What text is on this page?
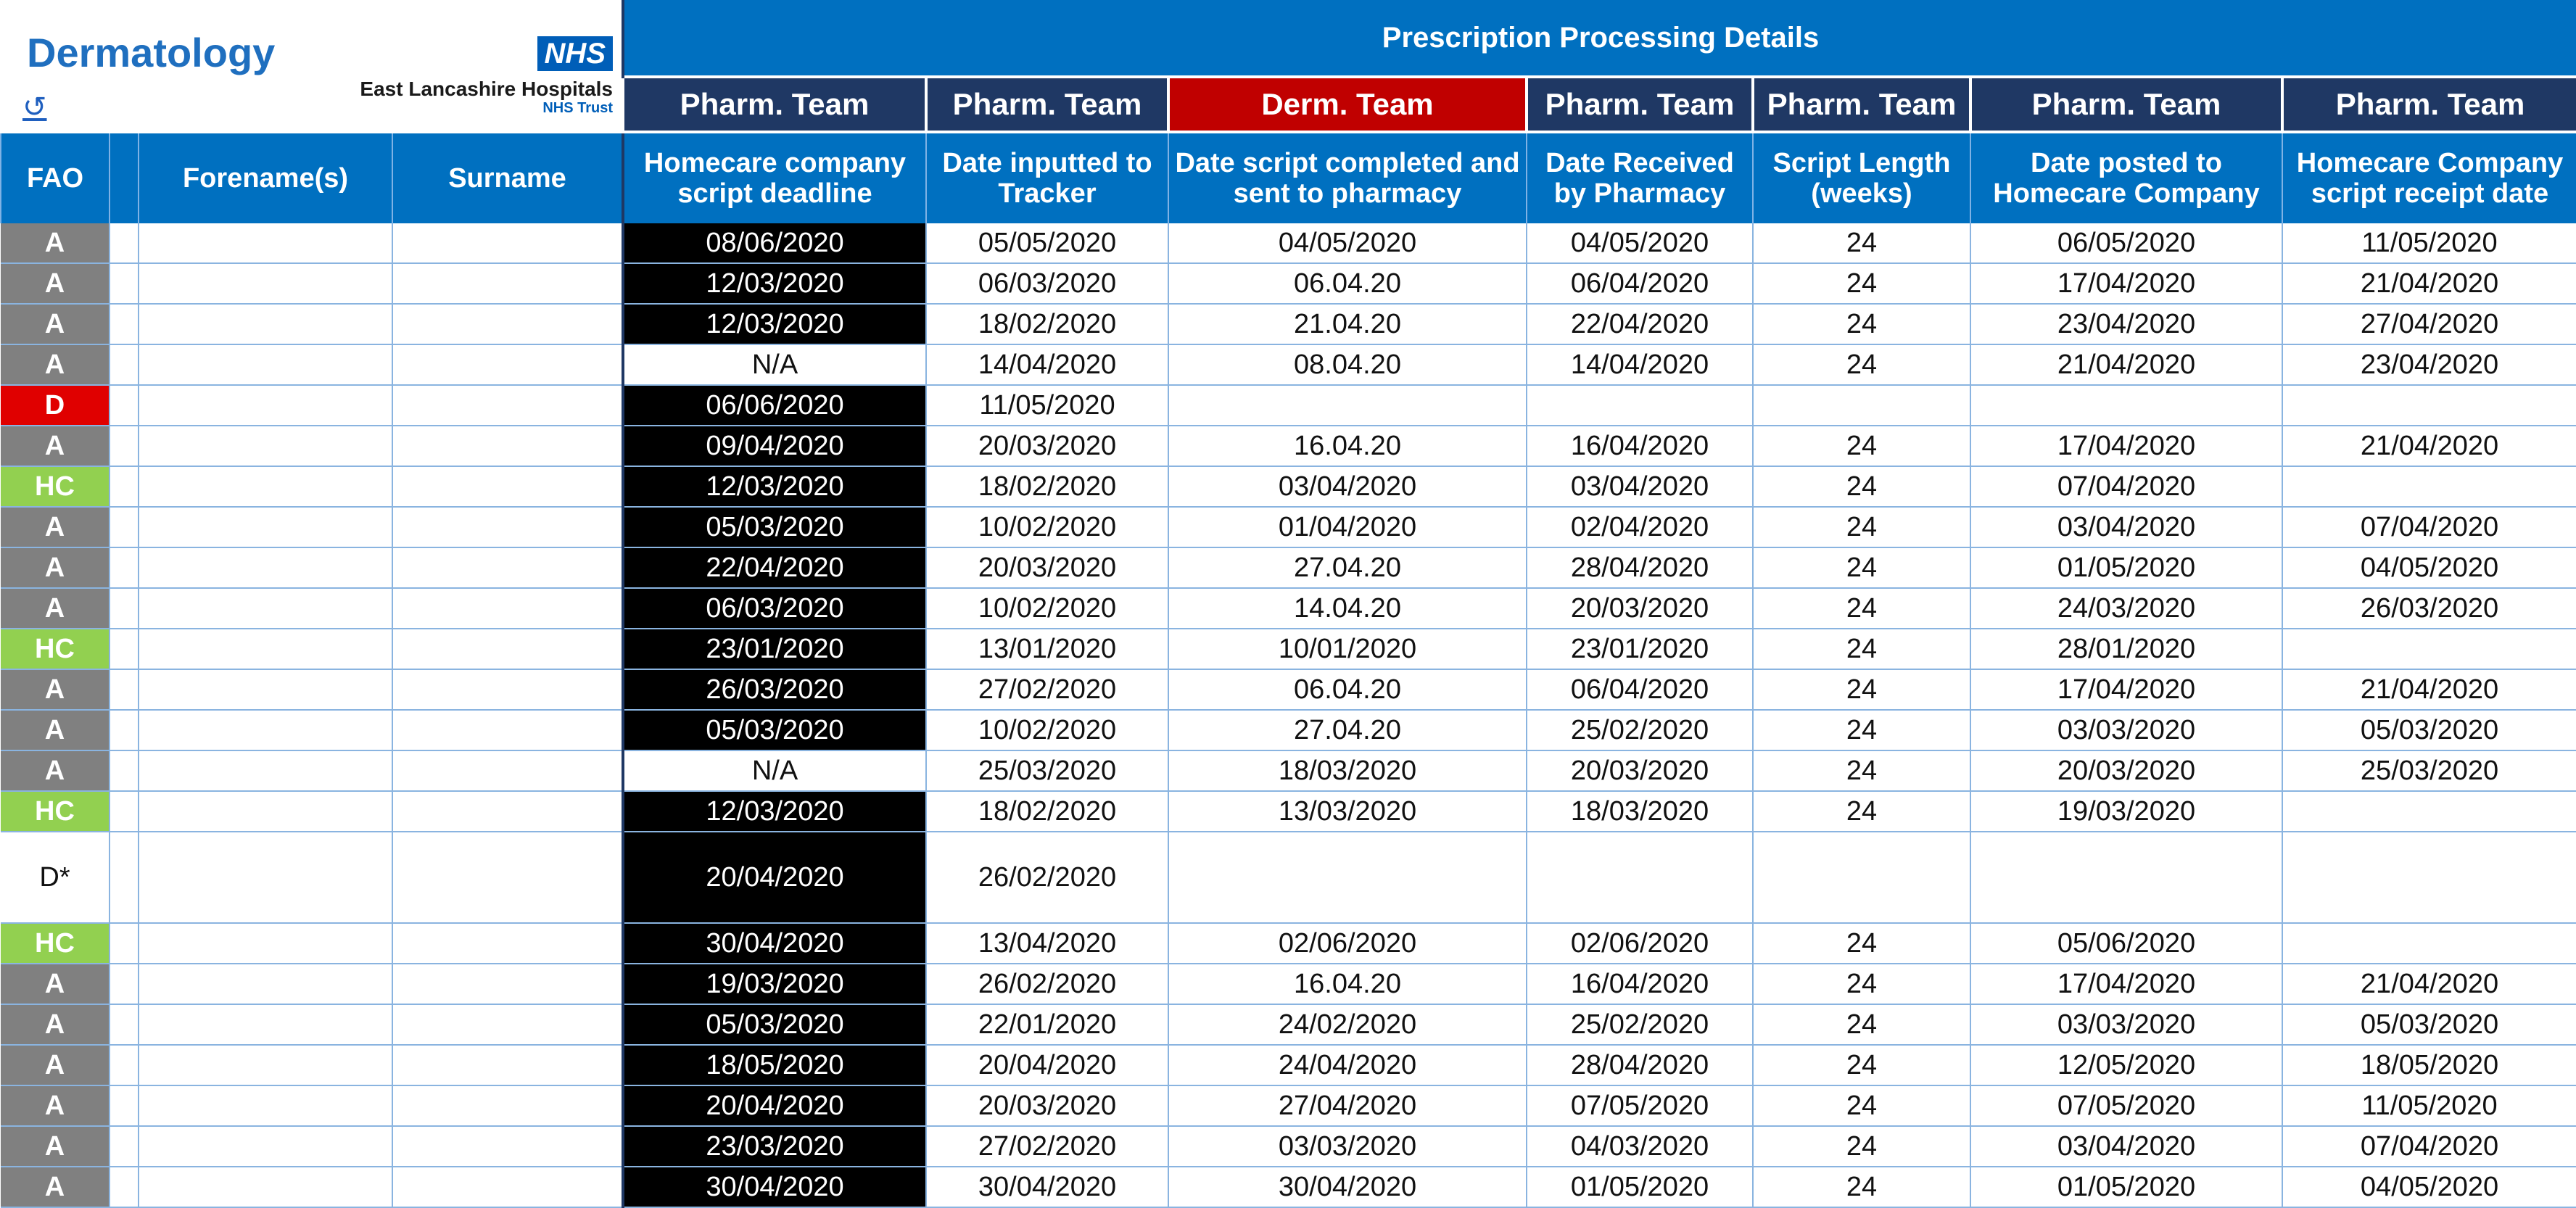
Dermatology
↺
NHS
East Lancashire Hospitals
NHS Trust				Prescription Processing Details						
				Pharm. Team	Pharm. Team	Derm. Team	Pharm. Team	Pharm. Team	Pharm. Team	Pharm. Team
FAO		Forename(s)	Surname	Homecare company script deadline	Date inputted to Tracker	Date script completed and sent to pharmacy	Date Received by Pharmacy	Script Length (weeks)	Date posted to Homecare Company	Homecare Company script receipt date
A				08/06/2020	05/05/2020	04/05/2020	04/05/2020	24	06/05/2020	11/05/2020
A				12/03/2020	06/03/2020	06.04.20	06/04/2020	24	17/04/2020	21/04/2020
A				12/03/2020	18/02/2020	21.04.20	22/04/2020	24	23/04/2020	27/04/2020
A				N/A	14/04/2020	08.04.20	14/04/2020	24	21/04/2020	23/04/2020
D				06/06/2020	11/05/2020					
A				09/04/2020	20/03/2020	16.04.20	16/04/2020	24	17/04/2020	21/04/2020
HC				12/03/2020	18/02/2020	03/04/2020	03/04/2020	24	07/04/2020	
A				05/03/2020	10/02/2020	01/04/2020	02/04/2020	24	03/04/2020	07/04/2020
A				22/04/2020	20/03/2020	27.04.20	28/04/2020	24	01/05/2020	04/05/2020
A				06/03/2020	10/02/2020	14.04.20	20/03/2020	24	24/03/2020	26/03/2020
HC				23/01/2020	13/01/2020	10/01/2020	23/01/2020	24	28/01/2020	
A				26/03/2020	27/02/2020	06.04.20	06/04/2020	24	17/04/2020	21/04/2020
A				05/03/2020	10/02/2020	27.04.20	25/02/2020	24	03/03/2020	05/03/2020
A				N/A	25/03/2020	18/03/2020	20/03/2020	24	20/03/2020	25/03/2020
HC				12/03/2020	18/02/2020	13/03/2020	18/03/2020	24	19/03/2020	
D*				20/04/2020	26/02/2020					
HC				30/04/2020	13/04/2020	02/06/2020	02/06/2020	24	05/06/2020	
A				19/03/2020	26/02/2020	16.04.20	16/04/2020	24	17/04/2020	21/04/2020
A				05/03/2020	22/01/2020	24/02/2020	25/02/2020	24	03/03/2020	05/03/2020
A				18/05/2020	20/04/2020	24/04/2020	28/04/2020	24	12/05/2020	18/05/2020
A				20/04/2020	20/03/2020	27/04/2020	07/05/2020	24	07/05/2020	11/05/2020
A				23/03/2020	27/02/2020	03/03/2020	04/03/2020	24	03/04/2020	07/04/2020
A				30/04/2020	30/04/2020	30/04/2020	01/05/2020	24	01/05/2020	04/05/2020
